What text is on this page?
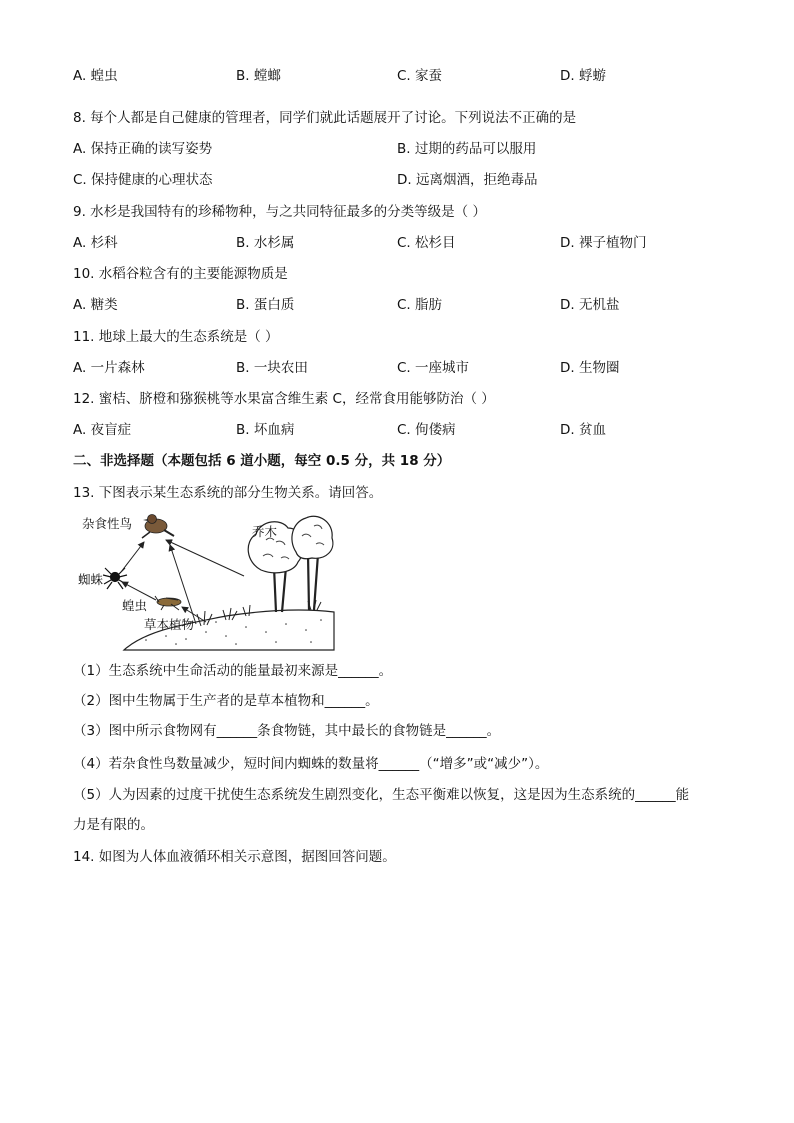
A. 蝗虫	B. 螳螂	C. 家蚕	D. 蜉蝣
8. 每个人都是自己健康的管理者，同学们就此话题展开了讨论。下列说法不正确的是
A. 保持正确的读写姿势	B. 过期的药品可以服用
C. 保持健康的心理状态	D. 远离烟酒，拒绝毒品
9. 水杉是我国特有的珍稀物种，与之共同特征最多的分类等级是（ ）
A. 杉科	B. 水杉属	C. 松杉目	D. 裸子植物门
10. 水稻谷粒含有的主要能源物质是
A. 糖类	B. 蛋白质	C. 脂肪	D. 无机盐
11. 地球上最大的生态系统是（ ）
A. 一片森林	B. 一块农田	C. 一座城市	D. 生物圈
12. 蜜桔、脐橙和猕猴桃等水果富含维生素 C，经常食用能够防治（ ）
A. 夜盲症	B. 坏血病	C. 佝偻病	D. 贫血
二、非选择题（本题包括 6 道小题，每空 0.5 分，共 18 分）
13. 下图表示某生态系统的部分生物关系。请回答。
杂食性鸟
乔木
蜘蛛
蝗虫
草本植物
（1）生态系统中生命活动的能量最初来源是______。
（2）图中生物属于生产者的是草本植物和______。
（3）图中所示食物网有______条食物链，其中最长的食物链是______。
（4）若杂食性鸟数量减少，短时间内蜘蛛的数量将______（“增多”或“减少”）。
（5）人为因素的过度干扰使生态系统发生剧烈变化，生态平衡难以恢复，这是因为生态系统的______能
力是有限的。
14. 如图为人体血液循环相关示意图，据图回答问题。
